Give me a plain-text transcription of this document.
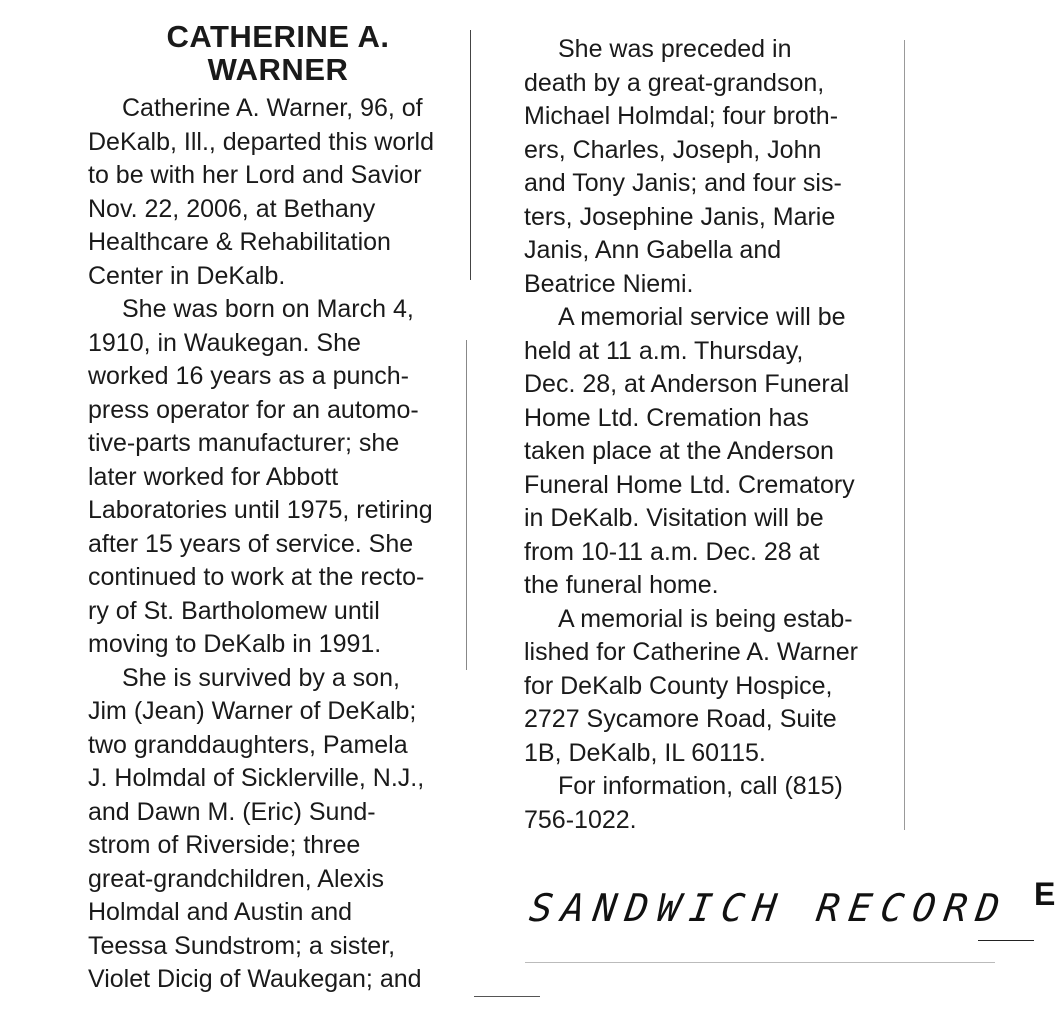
CATHERINE A.
WARNER
Catherine A. Warner, 96, of
DeKalb, Ill., departed this world
to be with her Lord and Savior
Nov. 22, 2006, at Bethany
Healthcare & Rehabilitation
Center in DeKalb.
She was born on March 4,
1910, in Waukegan. She
worked 16 years as a punch-
press operator for an automo-
tive-parts manufacturer; she
later worked for Abbott
Laboratories until 1975, retiring
after 15 years of service. She
continued to work at the recto-
ry of St. Bartholomew until
moving to DeKalb in 1991.
She is survived by a son,
Jim (Jean) Warner of DeKalb;
two granddaughters, Pamela
J. Holmdal of Sicklerville, N.J.,
and Dawn M. (Eric) Sund-
strom of Riverside; three
great-grandchildren, Alexis
Holmdal and Austin and
Teessa Sundstrom; a sister,
Violet Dicig of Waukegan; and
She was preceded in
death by a great-grandson,
Michael Holmdal; four broth-
ers, Charles, Joseph, John
and Tony Janis; and four sis-
ters, Josephine Janis, Marie
Janis, Ann Gabella and
Beatrice Niemi.
A memorial service will be
held at 11 a.m. Thursday,
Dec. 28, at Anderson Funeral
Home Ltd. Cremation has
taken place at the Anderson
Funeral Home Ltd. Crematory
in DeKalb. Visitation will be
from 10-11 a.m. Dec. 28 at
the funeral home.
A memorial is being estab-
lished for Catherine A. Warner
for DeKalb County Hospice,
2727 Sycamore Road, Suite
1B, DeKalb, IL 60115.
For information, call (815)
756-1022.
SANDWICH RECORD E
